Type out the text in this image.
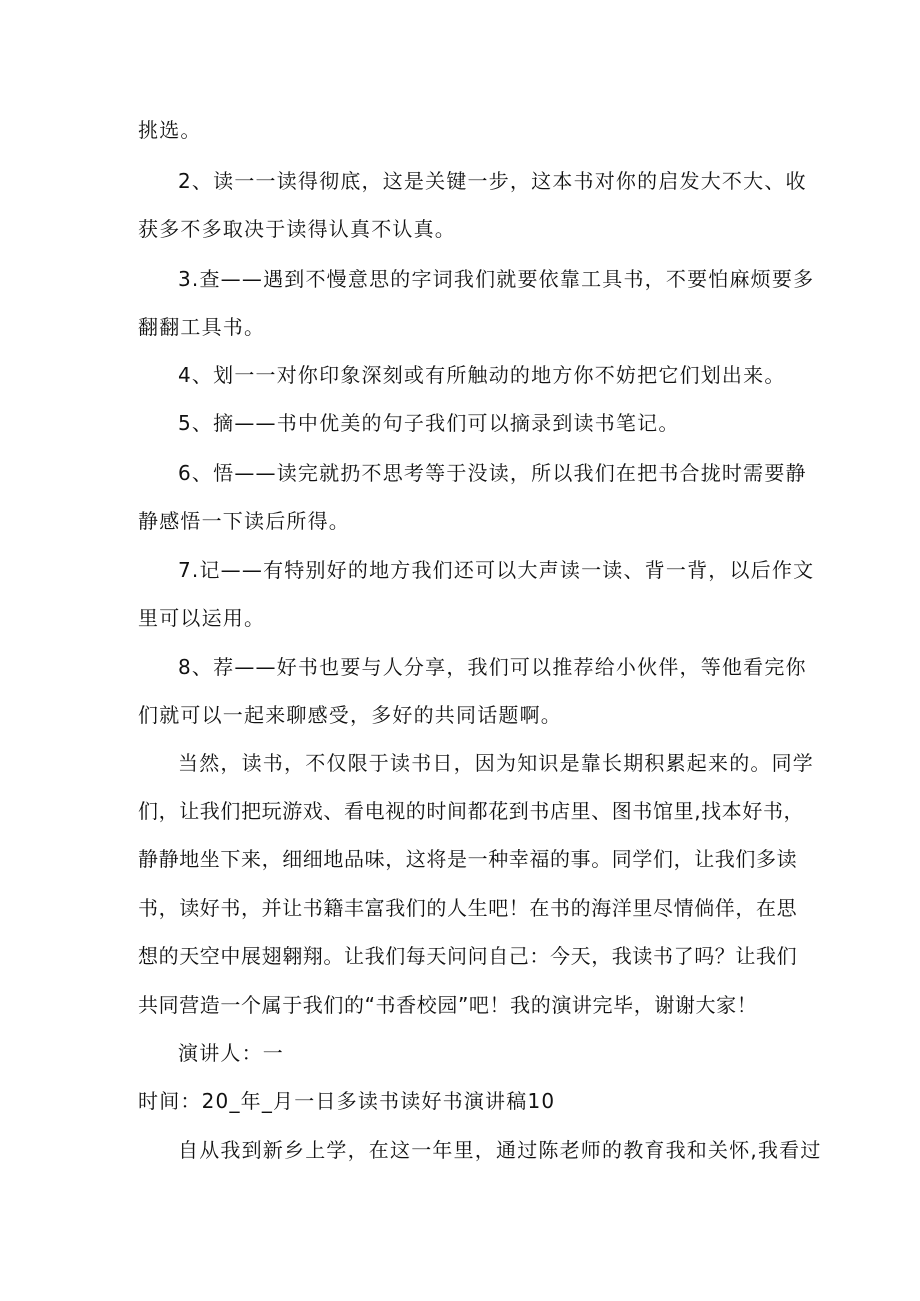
挑选。
2、读一一读得彻底，这是关键一步，这本书对你的启发大不大、收
获多不多取决于读得认真不认真。
3.查——遇到不慢意思的字词我们就要依靠工具书，不要怕麻烦要多
翻翻工具书。
4、划一一对你印象深刻或有所触动的地方你不妨把它们划出来。
5、摘——书中优美的句子我们可以摘录到读书笔记。
6、悟——读完就扔不思考等于没读，所以我们在把书合拢时需要静
静感悟一下读后所得。
7.记——有特别好的地方我们还可以大声读一读、背一背，以后作文
里可以运用。
8、荐——好书也要与人分享，我们可以推荐给小伙伴，等他看完你
们就可以一起来聊感受，多好的共同话题啊。
当然，读书，不仅限于读书日，因为知识是靠长期积累起来的。同学
们，让我们把玩游戏、看电视的时间都花到书店里、图书馆里,找本好书，
静静地坐下来，细细地品味，这将是一种幸福的事。同学们，让我们多读
书，读好书，并让书籍丰富我们的人生吧！在书的海洋里尽情倘佯，在思
想的天空中展翅翱翔。让我们每天问问自己：今天，我读书了吗？让我们
共同营造一个属于我们的“书香校园”吧！我的演讲完毕，谢谢大家！
演讲人：一
时间：20_年_月一日多读书读好书演讲稿10
自从我到新乡上学，在这一年里，通过陈老师的教育我和关怀,我看过
